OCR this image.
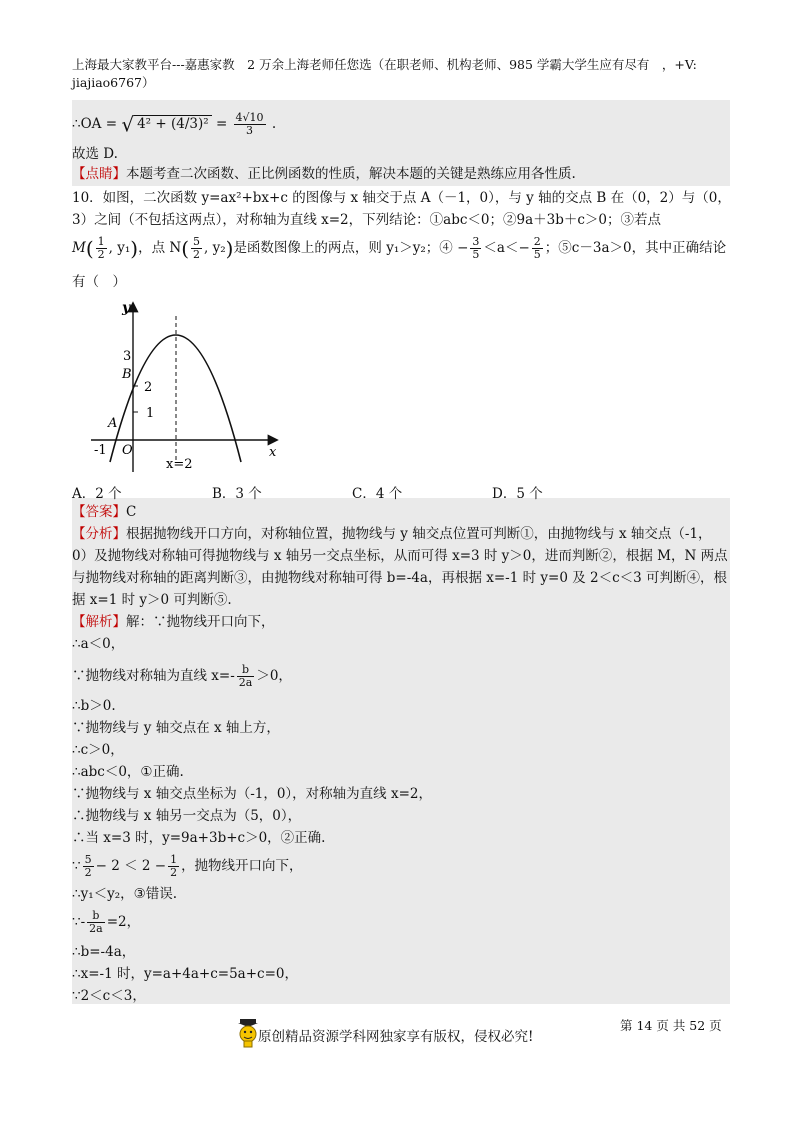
上海最大家教平台---嘉惠家教　2 万余上海老师任您选（在职老师、机构老师、985 学霸大学生应有尽有　，+V:
jiajiao6767）
∴OA = √ $4^2 + (4/3)^2 = \frac{4√10}{3}$ .
故选 D.
【点睛】本题考查二次函数、正比例函数的性质，解决本题的关键是熟练应用各性质.
10．如图，二次函数 y=ax²+bx+c 的图像与 x 轴交于点 A（－1，0），与 y 轴的交点 B 在（0，2）与（0，
3）之间（不包括这两点），对称轴为直线 x=2，下列结论：①abc＜0；②9a＋3b＋c＞0；③若点
$M( \frac{1}{2}$ , y₁)，点 $N( \frac{5}{2}$ , y₂)是函数图像上的两点，则 y₁＞y₂；④ − $\frac{3}{5} <a<- \frac{2}{5}$ ；⑤c－3a＞0，其中正确结论
有（　）
y
x
3
B
2
1
A
-1 O
x=2
A．2 个	B．3 个	C．4 个	D．5 个
【答案】C
【分析】根据抛物线开口方向，对称轴位置，抛物线与 y 轴交点位置可判断①，由抛物线与 x 轴交点（-1，
0）及抛物线对称轴可得抛物线与 x 轴另一交点坐标，从而可得 x=3 时 y＞0，进而判断②，根据 M，N 两点
与抛物线对称轴的距离判断③，由抛物线对称轴可得 b=-4a，再根据 x=-1 时 y=0 及 2＜c＜3 可判断④，根
据 x=1 时 y＞0 可判断⑤.
【解析】解：∵抛物线开口向下，
∴a＜0，
∵抛物线对称轴为直线 $x=- \frac{b}{2a} >0$，
∴b＞0.
∵抛物线与 y 轴交点在 x 轴上方，
∴c＞0，
∴abc＜0，①正确.
∵抛物线与 x 轴交点坐标为（-1，0），对称轴为直线 x=2，
∴抛物线与 x 轴另一交点为（5，0），
∴当 x=3 时，y=9a+3b+c＞0，②正确.
∵ $\frac{5}{2} - 2 < 2 - \frac{1}{2}$ ，抛物线开口向下，
∴y₁＜y₂，③错误.
∵- $\frac{b}{2a} =2$，
∴b=-4a，
∴x=-1 时，y=a+4a+c=5a+c=0，
∵2＜c＜3，
原创精品资源学科网独家享有版权，侵权必究!
第 14 页 共 52 页
